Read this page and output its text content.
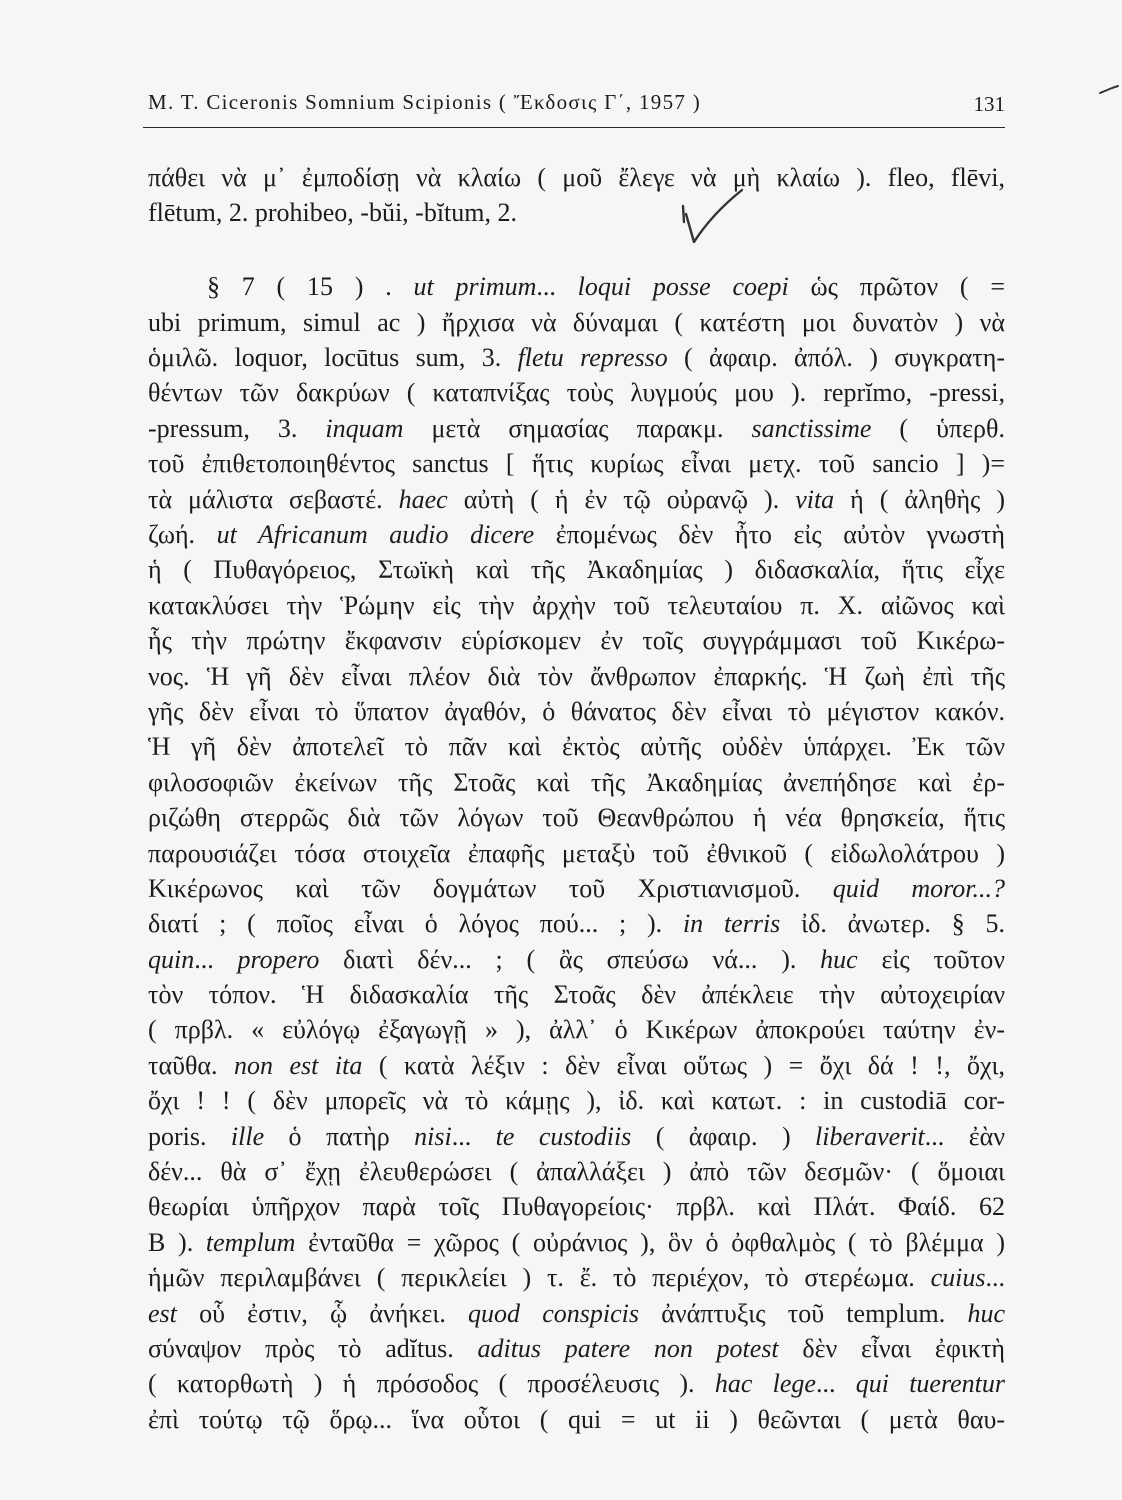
M. T. Ciceronis Somnium Scipionis ( Ἔκδοσις Γ΄, 1957 )	131
πάθει νὰ μ᾽ ἐμποδίσῃ νὰ κλαίω ( μοῦ ἔλεγε νὰ μὴ κλαίω ). fleo, flēvi,
flētum, 2. prohibeo, -bŭi, -bĭtum, 2.
§ 7 ( 15 ) . ut primum... loqui posse coepi ὡς πρῶτον ( =
ubi primum, simul ac ) ἤρχισα νὰ δύναμαι ( κατέστη μοι δυνατὸν ) νὰ
ὁμιλῶ. loquor, locūtus sum, 3. fletu represso ( ἀφαιρ. ἀπόλ. ) συγκρατη-
θέντων τῶν δακρύων ( καταπνίξας τοὺς λυγμούς μου ). reprĭmo, -pressi,
-pressum, 3. inquam μετὰ σημασίας παρακμ. sanctissime ( ὑπερθ.
τοῦ ἐπιθετοποιηθέντος sanctus [ ἥτις κυρίως εἶναι μετχ. τοῦ sancio ] )=
τὰ μάλιστα σεβαστέ. haec αὐτὴ ( ἡ ἐν τῷ οὐρανῷ ). vita ἡ ( ἀληθὴς )
ζωή. ut Africanum audio dicere ἐπομένως δὲν ἦτο εἰς αὐτὸν γνωστὴ
ἡ ( Πυθαγόρειος, Στωϊκὴ καὶ τῆς Ἀκαδημίας ) διδασκαλία, ἥτις εἶχε
κατακλύσει τὴν Ῥώμην εἰς τὴν ἀρχὴν τοῦ τελευταίου π. Χ. αἰῶνος καὶ
ἧς τὴν πρώτην ἔκφανσιν εὑρίσκομεν ἐν τοῖς συγγράμμασι τοῦ Κικέρω-
νος. Ἡ γῆ δὲν εἶναι πλέον διὰ τὸν ἄνθρωπον ἐπαρκής. Ἡ ζωὴ ἐπὶ τῆς
γῆς δὲν εἶναι τὸ ὕπατον ἀγαθόν, ὁ θάνατος δὲν εἶναι τὸ μέγιστον κακόν.
Ἡ γῆ δὲν ἀποτελεῖ τὸ πᾶν καὶ ἐκτὸς αὐτῆς οὐδὲν ὑπάρχει. Ἐκ τῶν
φιλοσοφιῶν ἐκείνων τῆς Στοᾶς καὶ τῆς Ἀκαδημίας ἀνεπήδησε καὶ ἐρ-
ριζώθη στερρῶς διὰ τῶν λόγων τοῦ Θεανθρώπου ἡ νέα θρησκεία, ἥτις
παρουσιάζει τόσα στοιχεῖα ἐπαφῆς μεταξὺ τοῦ ἐθνικοῦ ( εἰδωλολάτρου )
Κικέρωνος καὶ τῶν δογμάτων τοῦ Χριστιανισμοῦ. quid moror...?
διατί ; ( ποῖος εἶναι ὁ λόγος πού... ; ). in terris ἰδ. ἀνωτερ. § 5.
quin... propero διατὶ δέν... ; ( ἂς σπεύσω νά... ). huc εἰς τοῦτον
τὸν τόπον. Ἡ διδασκαλία τῆς Στοᾶς δὲν ἀπέκλειε τὴν αὐτοχειρίαν
( πρβλ. « εὐλόγῳ ἐξαγωγῇ » ), ἀλλ᾽ ὁ Κικέρων ἀποκρούει ταύτην ἐν-
ταῦθα. non est ita ( κατὰ λέξιν : δὲν εἶναι οὕτως ) = ὄχι δά ! !, ὄχι,
ὄχι ! ! ( δὲν μπορεῖς νὰ τὸ κάμῃς ), ἰδ. καὶ κατωτ. : in custodiā cor-
poris. ille ὁ πατὴρ nisi... te custodiis ( ἀφαιρ. ) liberaverit... ἐὰν
δέν... θὰ σ᾽ ἔχῃ ἐλευθερώσει ( ἀπαλλάξει ) ἀπὸ τῶν δεσμῶν· ( ὅμοιαι
θεωρίαι ὑπῆρχον παρὰ τοῖς Πυθαγορείοις· πρβλ. καὶ Πλάτ. Φαίδ. 62
B ). templum ἐνταῦθα = χῶρος ( οὐράνιος ), ὃν ὁ ὀφθαλμὸς ( τὸ βλέμμα )
ἡμῶν περιλαμβάνει ( περικλείει ) τ. ἔ. τὸ περιέχον, τὸ στερέωμα. cuius...
est οὗ ἐστιν, ᾧ ἀνήκει. quod conspicis ἀνάπτυξις τοῦ templum. huc
σύναψον πρὸς τὸ adĭtus. aditus patere non potest δὲν εἶναι ἐφικτὴ
( κατορθωτὴ ) ἡ πρόσοδος ( προσέλευσις ). hac lege... qui tuerentur
ἐπὶ τούτῳ τῷ ὅρῳ... ἵνα οὗτοι ( qui = ut ii ) θεῶνται ( μετὰ θαυ-
